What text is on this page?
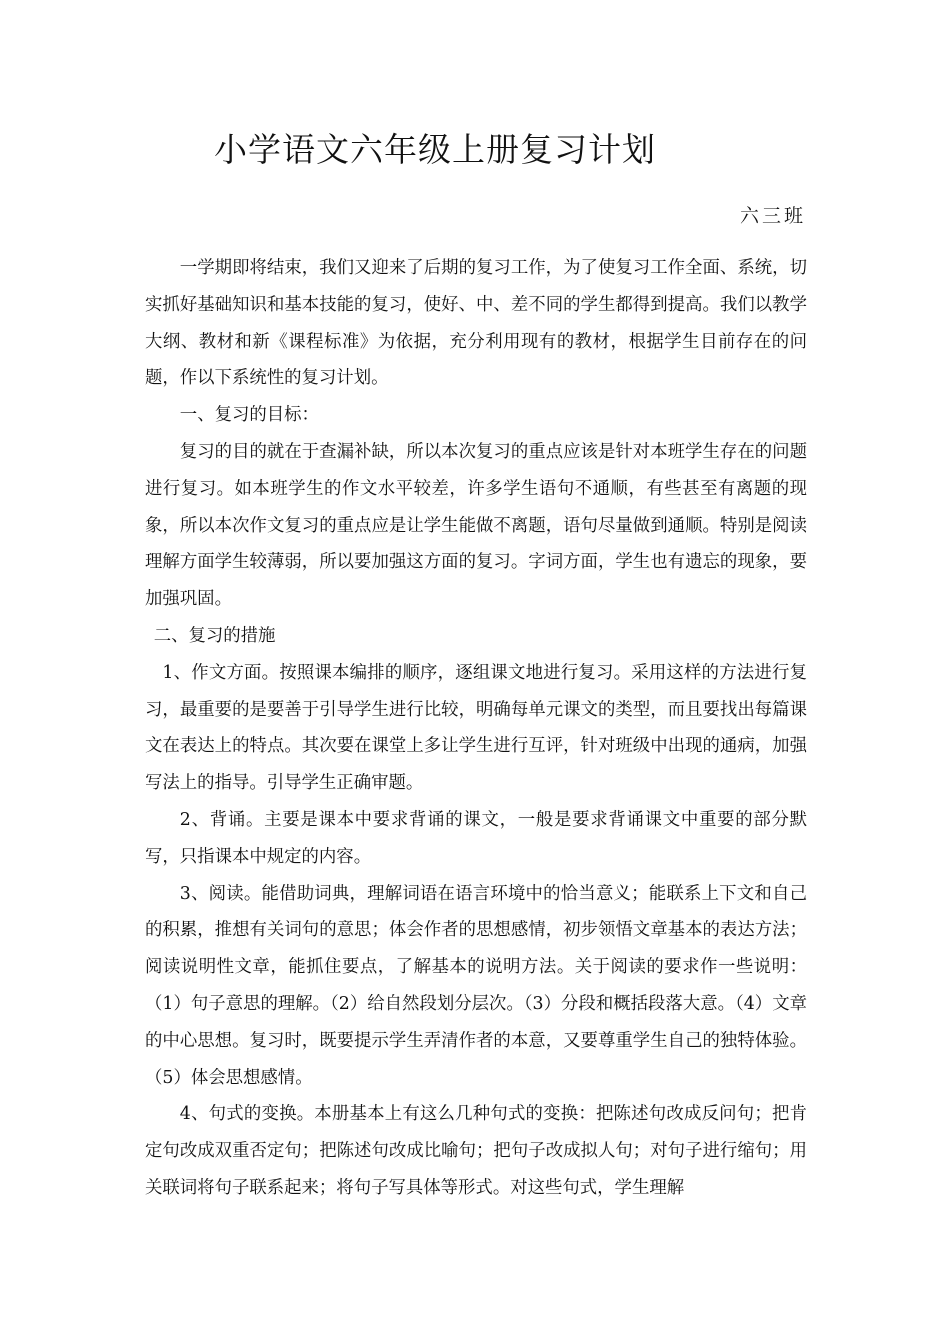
小学语文六年级上册复习计划
六三班

一学期即将结束，我们又迎来了后期的复习工作，为了使复习工作全面、系统，切实抓好基础知识和基本技能的复习，使好、中、差不同的学生都得到提高。我们以教学大纲、教材和新《课程标准》为依据，充分利用现有的教材，根据学生目前存在的问题，作以下系统性的复习计划。

一、复习的目标：

复习的目的就在于查漏补缺，所以本次复习的重点应该是针对本班学生存在的问题进行复习。如本班学生的作文水平较差，许多学生语句不通顺，有些甚至有离题的现象，所以本次作文复习的重点应是让学生能做不离题，语句尽量做到通顺。特别是阅读理解方面学生较薄弱，所以要加强这方面的复习。字词方面，学生也有遗忘的现象，要加强巩固。

二、复习的措施

1、作文方面。按照课本编排的顺序，逐组课文地进行复习。采用这样的方法进行复习，最重要的是要善于引导学生进行比较，明确每单元课文的类型，而且要找出每篇课文在表达上的特点。其次要在课堂上多让学生进行互评，针对班级中出现的通病，加强写法上的指导。引导学生正确审题。

2、背诵。主要是课本中要求背诵的课文，一般是要求背诵课文中重要的部分默写，只指课本中规定的内容。

3、阅读。能借助词典，理解词语在语言环境中的恰当意义；能联系上下文和自己的积累，推想有关词句的意思；体会作者的思想感情，初步领悟文章基本的表达方法；阅读说明性文章，能抓住要点，了解基本的说明方法。关于阅读的要求作一些说明：（1）句子意思的理解。（2）给自然段划分层次。（3）分段和概括段落大意。（4）文章的中心思想。复习时，既要提示学生弄清作者的本意，又要尊重学生自己的独特体验。（5）体会思想感情。

4、句式的变换。本册基本上有这么几种句式的变换：把陈述句改成反问句；把肯定句改成双重否定句；把陈述句改成比喻句；把句子改成拟人句；对句子进行缩句；用关联词将句子联系起来；将句子写具体等形式。对这些句式，学生理解
